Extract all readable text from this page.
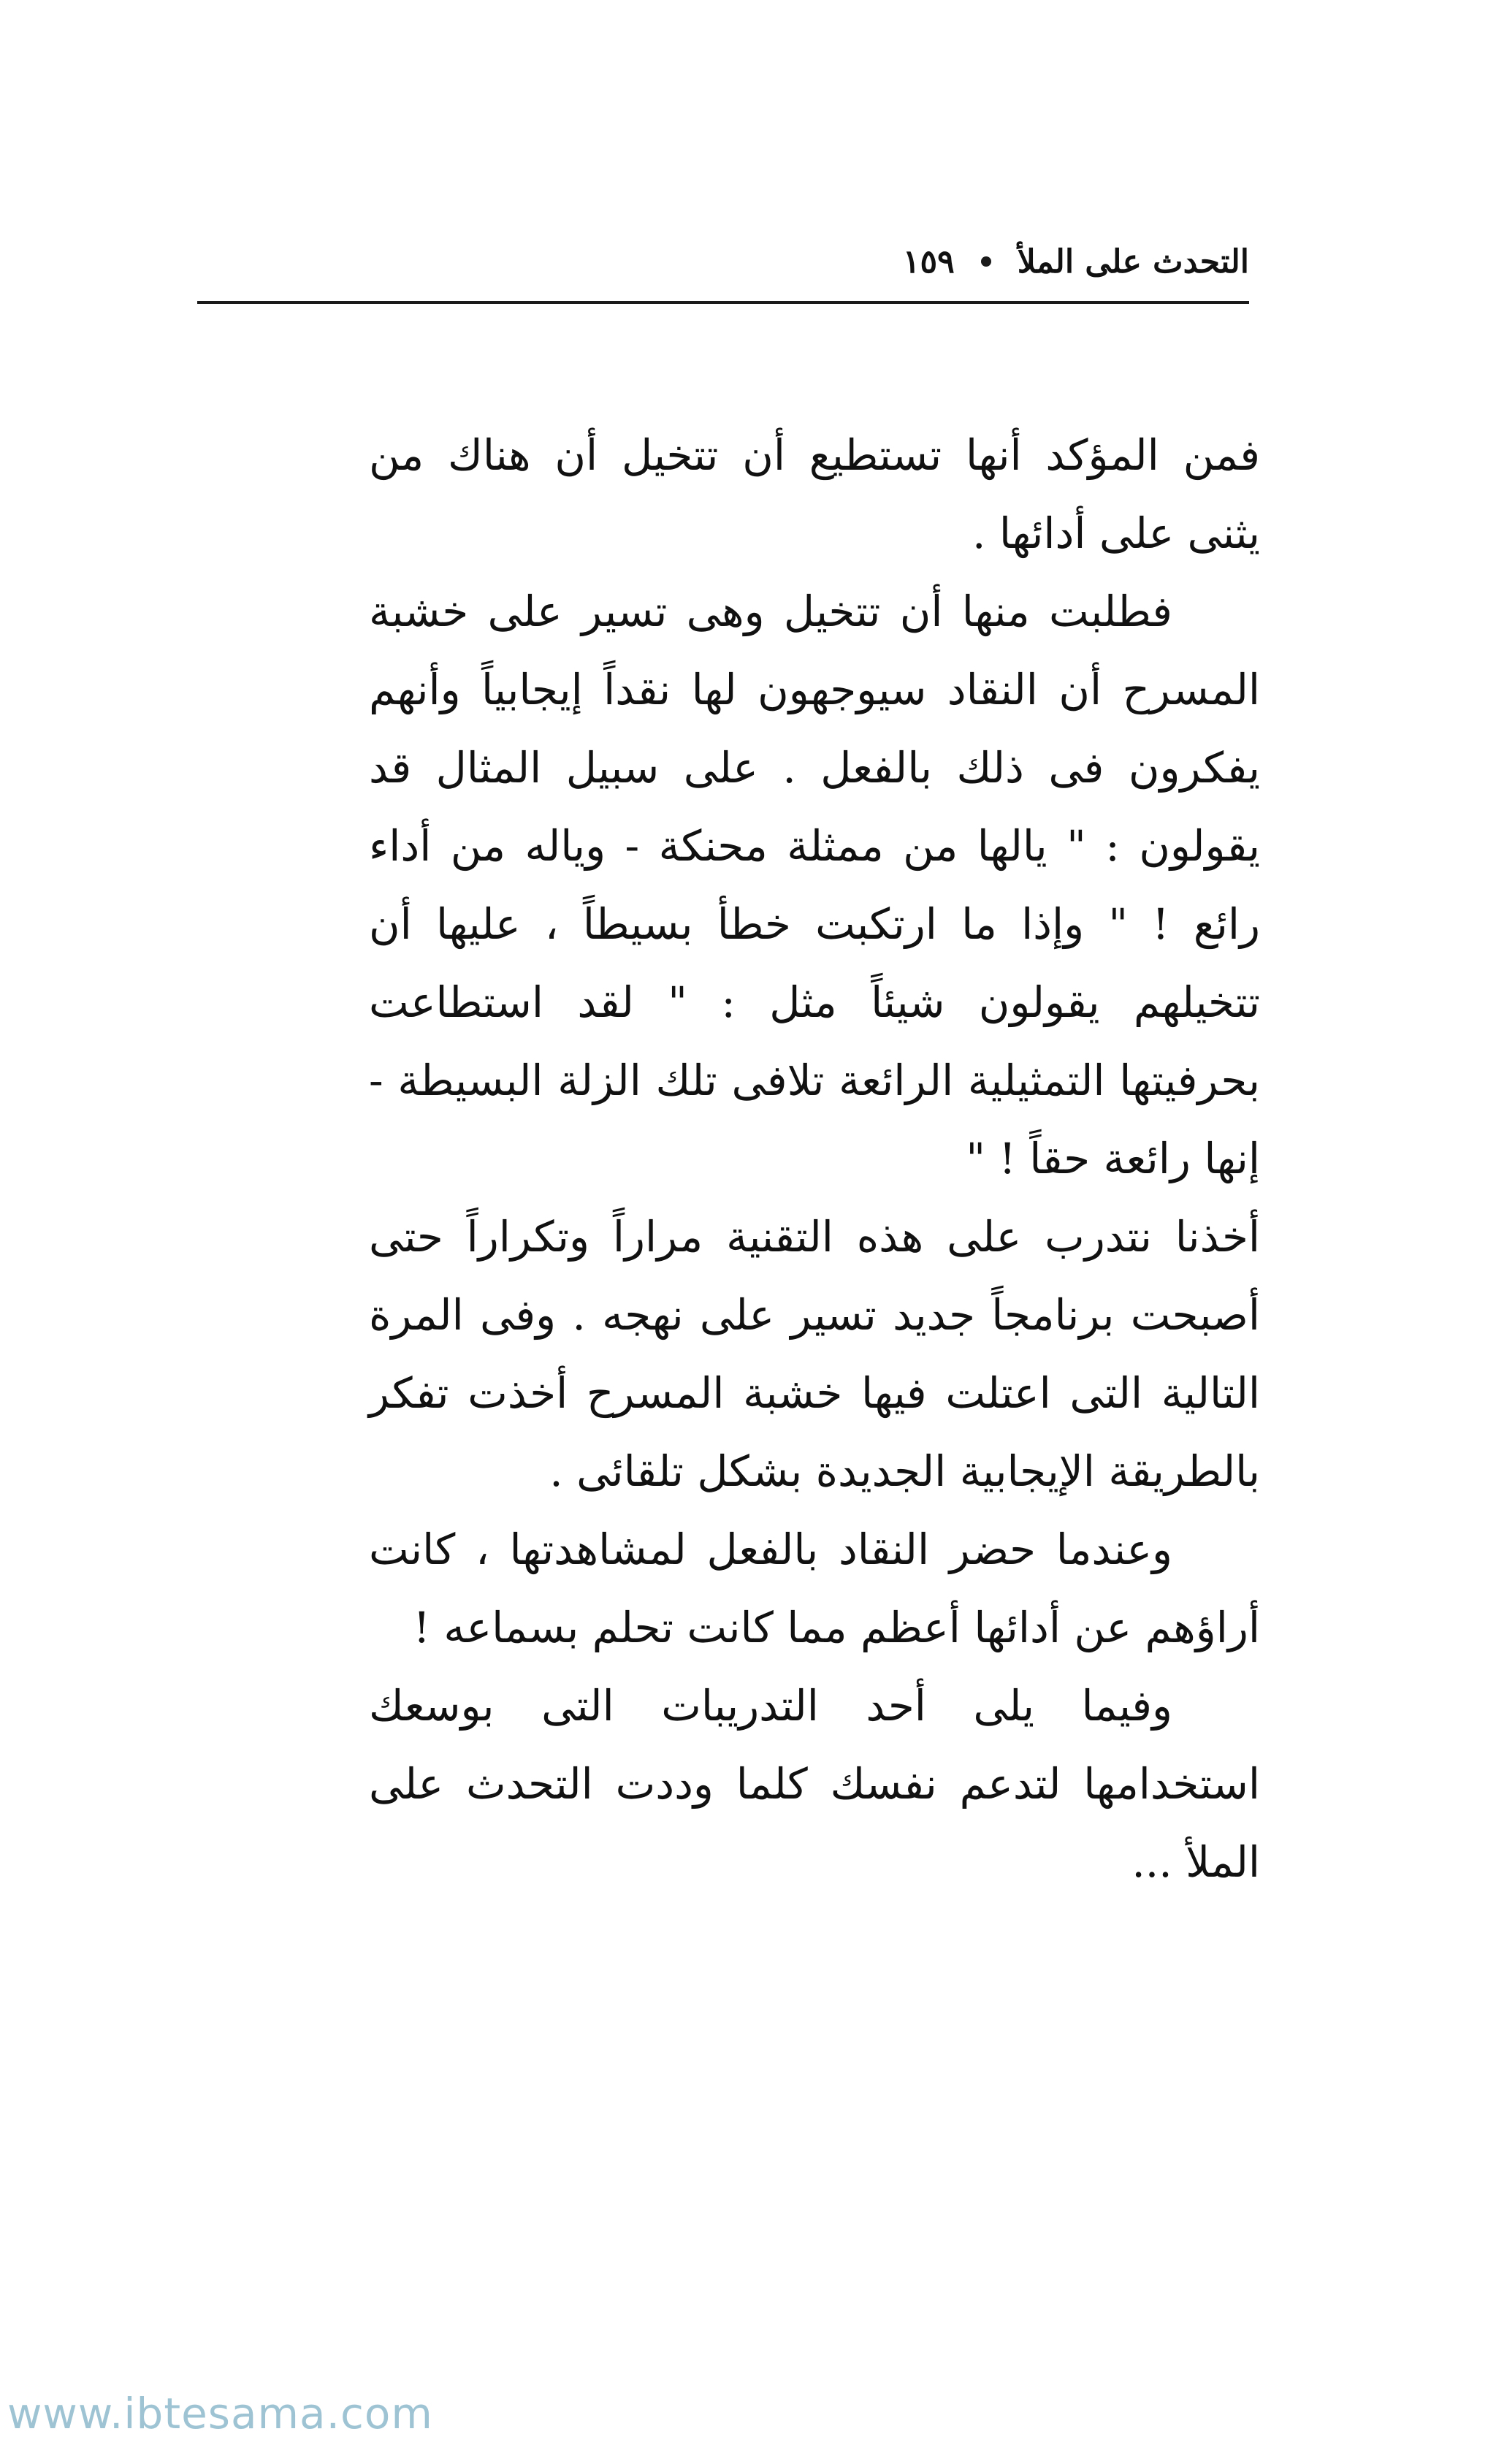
التحدث على الملأ
١٥٩

فمن المؤكد أنها تستطيع أن تتخيل أن هناك من يثنى على أدائها .

فطلبت منها أن تتخيل وهى تسير على خشبة المسرح أن النقاد سيوجهون لها نقداً إيجابياً وأنهم يفكرون فى ذلك بالفعل . على سبيل المثال قد يقولون : " يالها من ممثلة محنكة - وياله من أداء رائع ! " وإذا ما ارتكبت خطأ بسيطاً ، عليها أن تتخيلهم يقولون شيئاً مثل : " لقد استطاعت بحرفيتها التمثيلية الرائعة تلافى تلك الزلة البسيطة - إنها رائعة حقاً ! "

أخذنا نتدرب على هذه التقنية مراراً وتكراراً حتى أصبحت برنامجاً جديد تسير على نهجه . وفى المرة التالية التى اعتلت فيها خشبة المسرح أخذت تفكر بالطريقة الإيجابية الجديدة بشكل تلقائى .

وعندما حضر النقاد بالفعل لمشاهدتها ، كانت أراؤهم عن أدائها أعظم مما كانت تحلم بسماعه !

وفيما يلى أحد التدريبات التى بوسعك استخدامها لتدعم نفسك كلما وددت التحدث على الملأ ...

www.ibtesama.com
